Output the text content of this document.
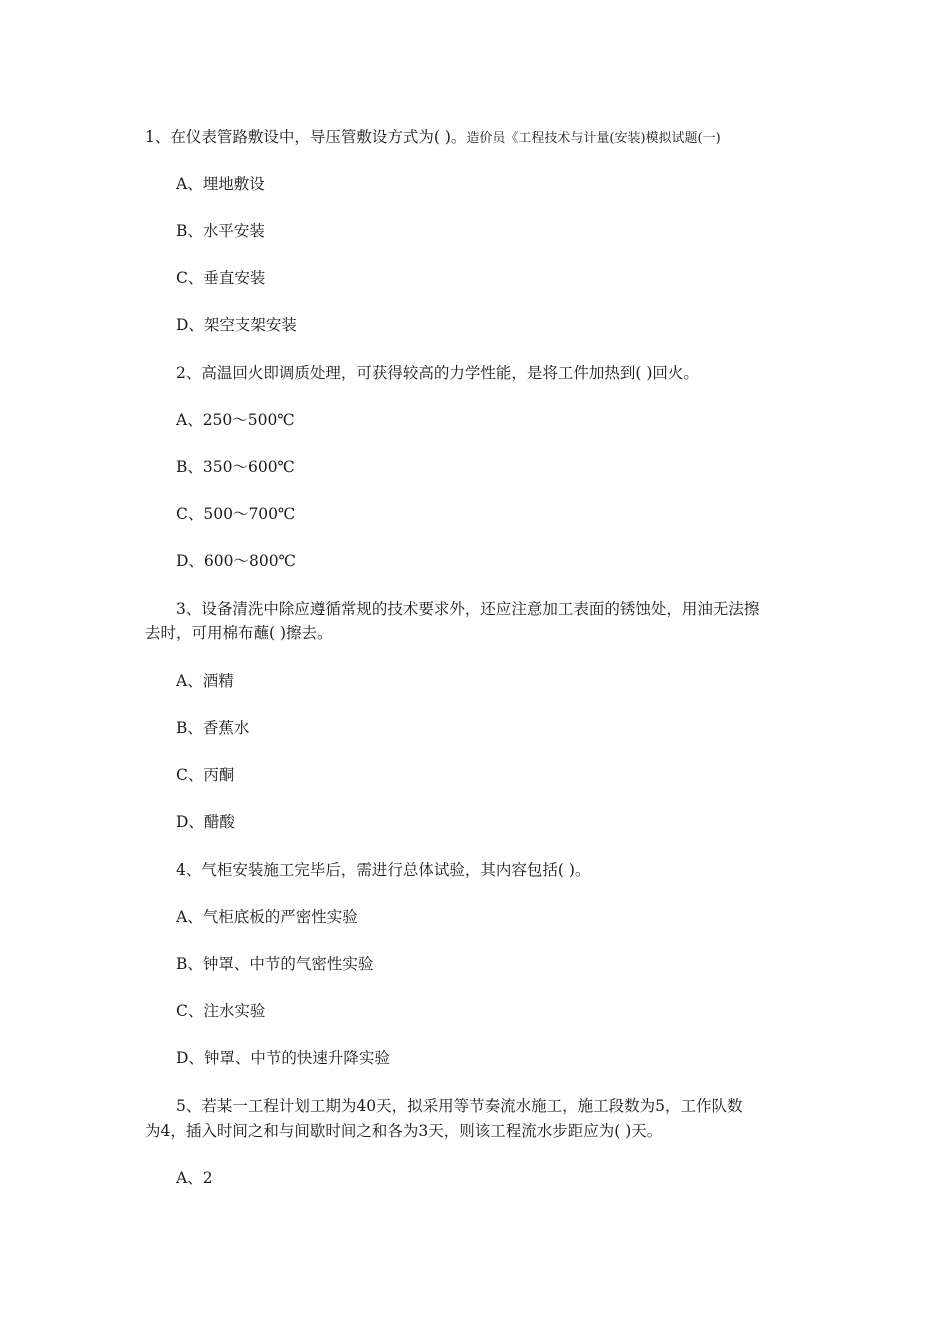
1、在仪表管路敷设中，导压管敷设方式为( )。造价员《工程技术与计量(安装)模拟试题(一)
A、埋地敷设
B、水平安装
C、垂直安装
D、架空支架安装
2、高温回火即调质处理，可获得较高的力学性能，是将工件加热到( )回火。
A、250～500℃
B、350～600℃
C、500～700℃
D、600～800℃
3、设备清洗中除应遵循常规的技术要求外，还应注意加工表面的锈蚀处，用油无法擦
去时，可用棉布蘸( )擦去。
A、酒精
B、香蕉水
C、丙酮
D、醋酸
4、气柜安装施工完毕后，需进行总体试验，其内容包括( )。
A、气柜底板的严密性实验
B、钟罩、中节的气密性实验
C、注水实验
D、钟罩、中节的快速升降实验
5、若某一工程计划工期为40天，拟采用等节奏流水施工，施工段数为5，工作队数
为4，插入时间之和与间歇时间之和各为3天，则该工程流水步距应为( )天。
A、2
